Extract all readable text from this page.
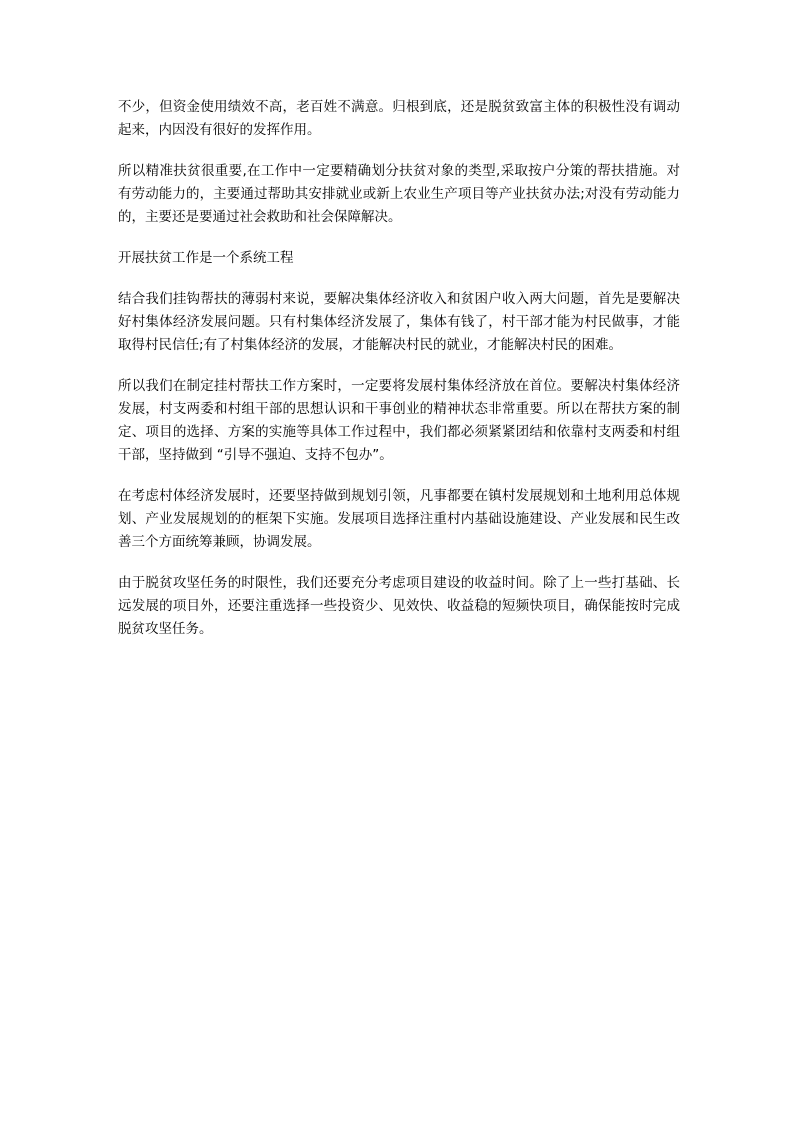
不少，但资金使用绩效不高，老百姓不满意。归根到底，还是脱贫致富主体的积极性没有调动起来，内因没有很好的发挥作用。

所以精准扶贫很重要,在工作中一定要精确划分扶贫对象的类型,采取按户分策的帮扶措施。对有劳动能力的，主要通过帮助其安排就业或新上农业生产项目等产业扶贫办法;对没有劳动能力的，主要还是要通过社会救助和社会保障解决。

开展扶贫工作是一个系统工程

结合我们挂钩帮扶的薄弱村来说，要解决集体经济收入和贫困户收入两大问题，首先是要解决好村集体经济发展问题。只有村集体经济发展了，集体有钱了，村干部才能为村民做事，才能取得村民信任;有了村集体经济的发展，才能解决村民的就业，才能解决村民的困难。

所以我们在制定挂村帮扶工作方案时，一定要将发展村集体经济放在首位。要解决村集体经济发展，村支两委和村组干部的思想认识和干事创业的精神状态非常重要。所以在帮扶方案的制定、项目的选择、方案的实施等具体工作过程中，我们都必须紧紧团结和依靠村支两委和村组干部，坚持做到 “引导不强迫、支持不包办”。

在考虑村体经济发展时，还要坚持做到规划引领，凡事都要在镇村发展规划和土地利用总体规划、产业发展规划的的框架下实施。发展项目选择注重村内基础设施建设、产业发展和民生改善三个方面统筹兼顾，协调发展。

由于脱贫攻坚任务的时限性，我们还要充分考虑项目建设的收益时间。除了上一些打基础、长远发展的项目外，还要注重选择一些投资少、见效快、收益稳的短频快项目，确保能按时完成脱贫攻坚任务。
